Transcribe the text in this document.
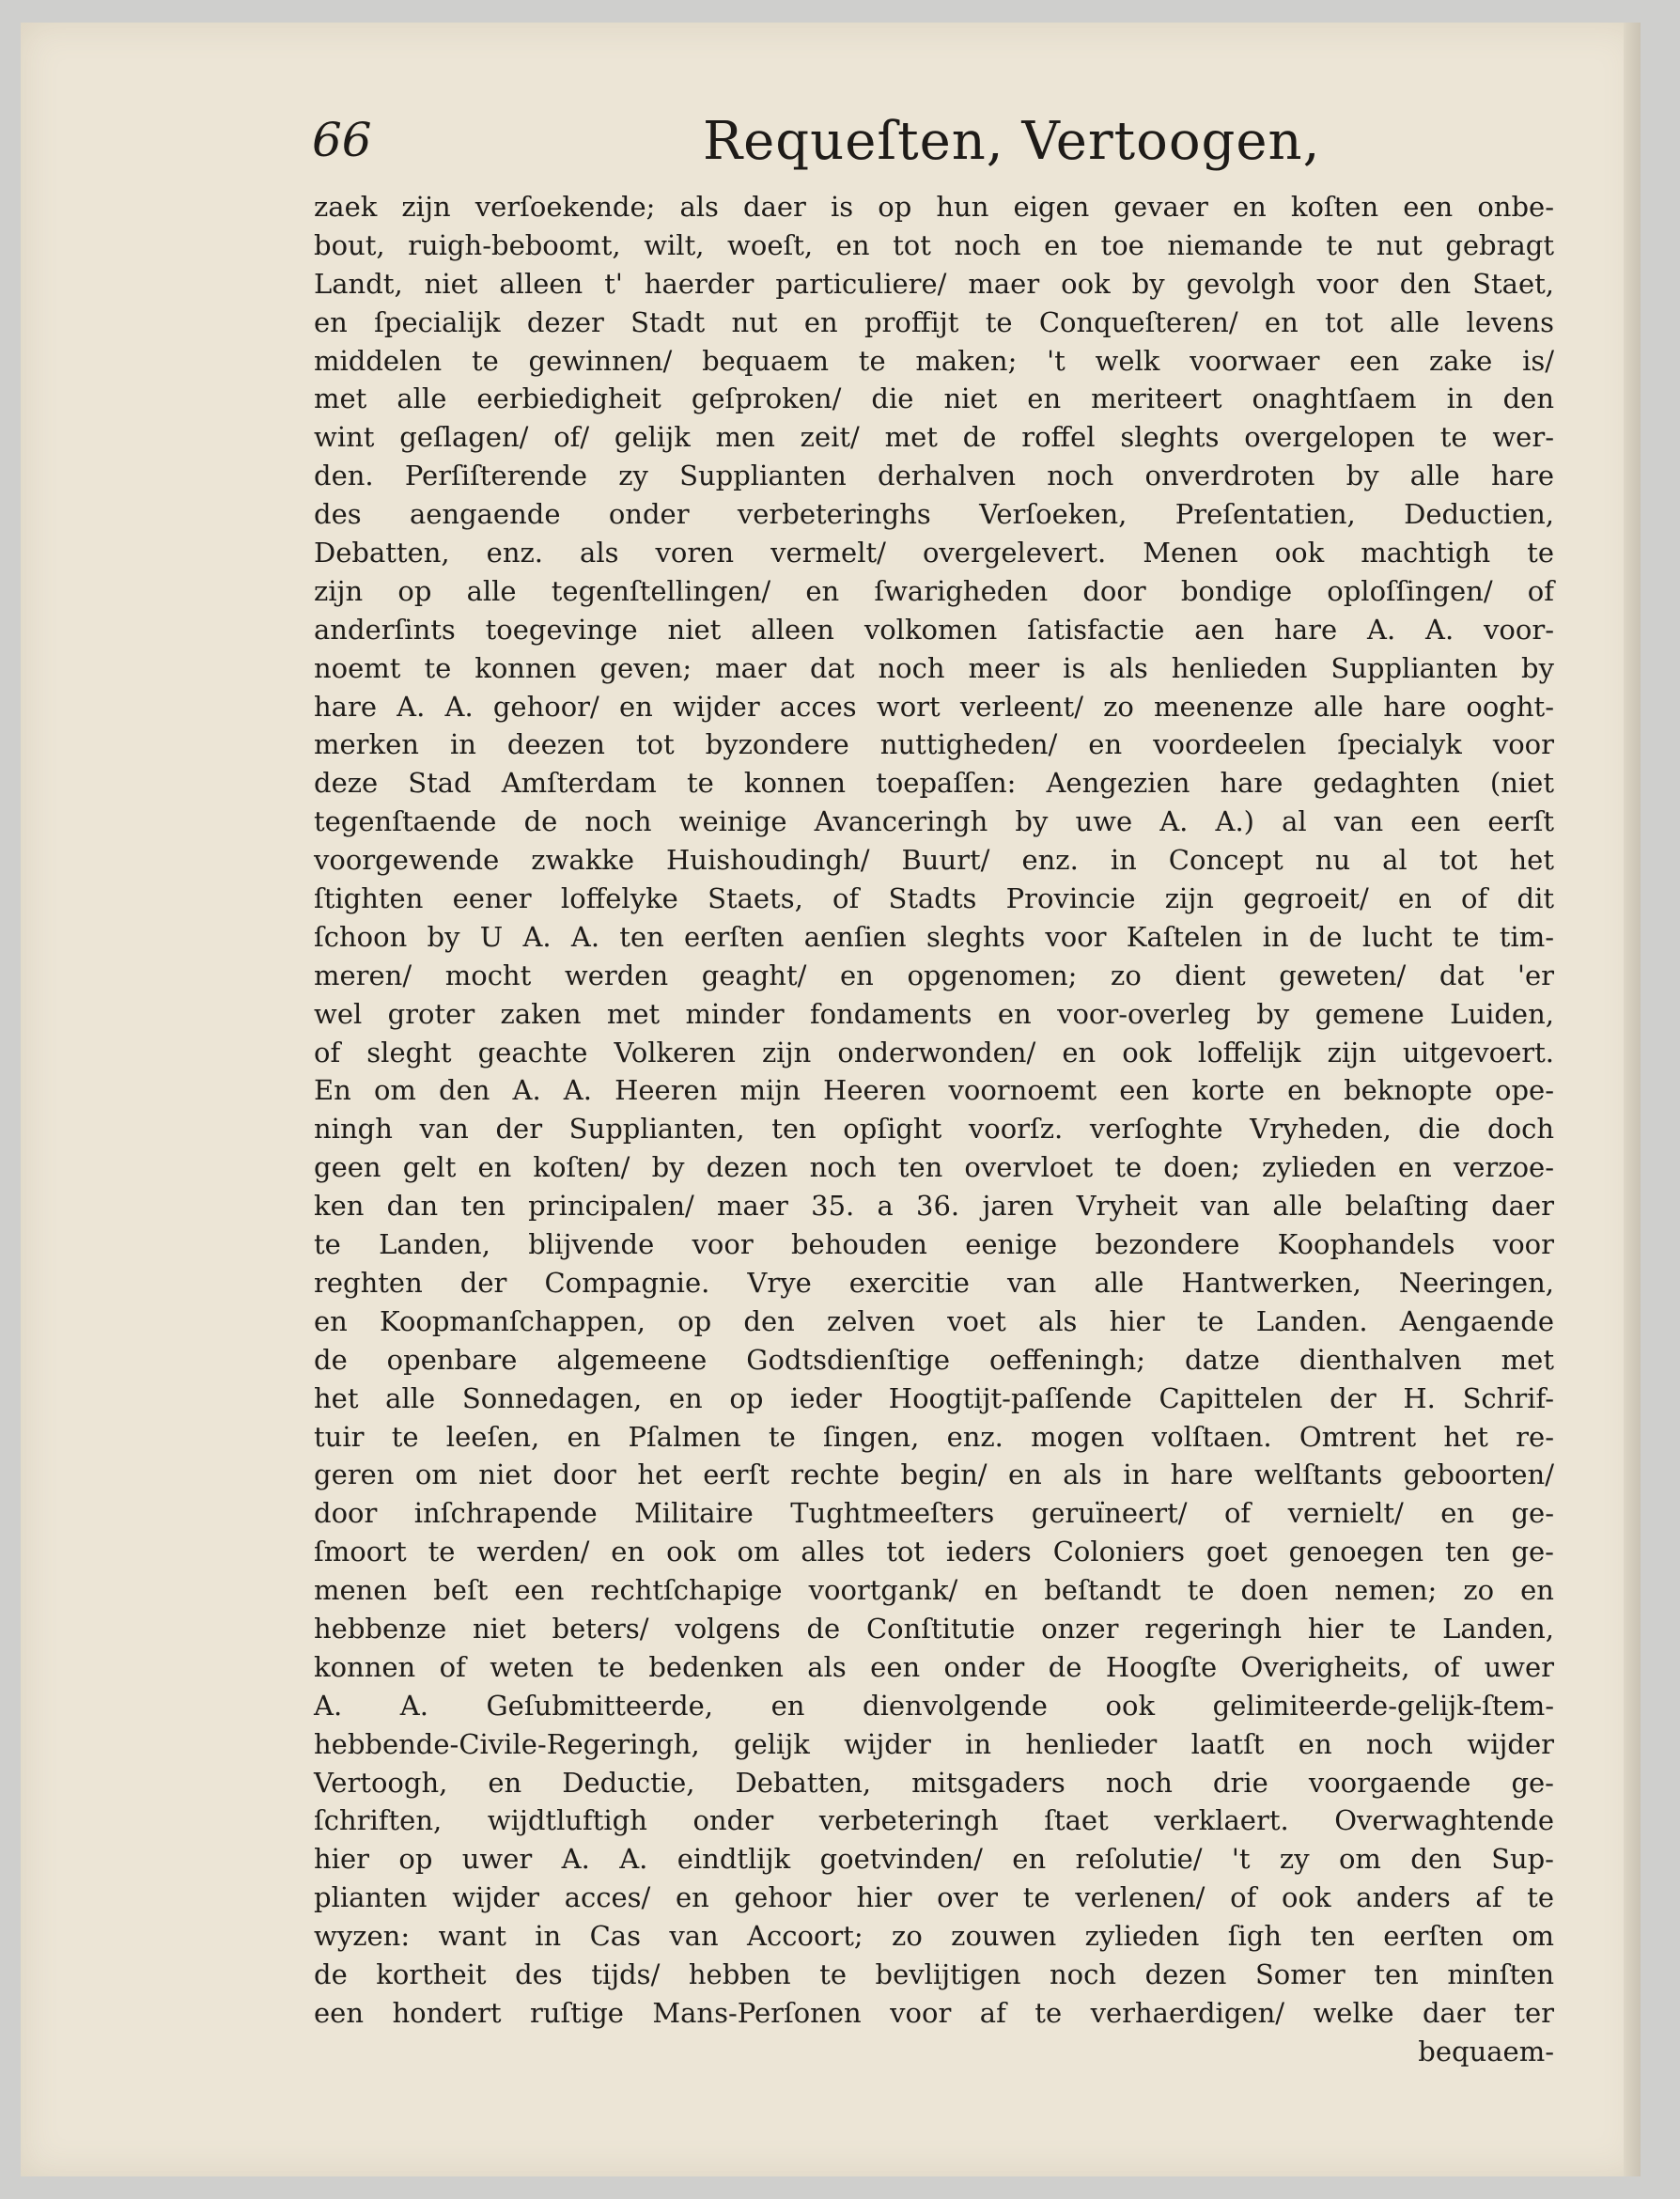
66	Requeſten, Vertoogen,
zaek zijn verſoekende; als daer is op hun eigen gevaer en koſten een onbe-
bout, ruigh-beboomt, wilt, woeſt, en tot noch en toe niemande te nut gebragt
Landt, niet alleen t' haerder particuliere/ maer ook by gevolgh voor den Staet,
en ſpecialijk dezer Stadt nut en proffijt te Conqueſteren/ en tot alle levens
middelen te gewinnen/ bequaem te maken; 't welk voorwaer een zake is/
met alle eerbiedigheit geſproken/ die niet en meriteert onaghtſaem in den
wint geſlagen/ of/ gelijk men zeit/ met de roffel sleghts overgelopen te wer-
den. Perſiſterende zy Supplianten derhalven noch onverdroten by alle hare
des aengaende onder verbeteringhs Verſoeken, Preſentatien, Deductien,
Debatten, enz. als voren vermelt/ overgelevert. Menen ook machtigh te
zijn op alle tegenſtellingen/ en ſwarigheden door bondige oploſſingen/ of
anderſints toegevinge niet alleen volkomen ſatisfactie aen hare A. A. voor-
noemt te konnen geven; maer dat noch meer is als henlieden Supplianten by
hare A. A. gehoor/ en wijder acces wort verleent/ zo meenenze alle hare ooght-
merken in deezen tot byzondere nuttigheden/ en voordeelen ſpecialyk voor
deze Stad Amſterdam te konnen toepaſſen: Aengezien hare gedaghten (niet
tegenſtaende de noch weinige Avanceringh by uwe A. A.) al van een eerſt
voorgewende zwakke Huishoudingh/ Buurt/ enz. in Concept nu al tot het
ſtighten eener loffelyke Staets, of Stadts Provincie zijn gegroeit/ en of dit
ſchoon by U A. A. ten eerſten aenſien sleghts voor Kaſtelen in de lucht te tim-
meren/ mocht werden geaght/ en opgenomen; zo dient geweten/ dat 'er
wel groter zaken met minder fondaments en voor-overleg by gemene Luiden,
of sleght geachte Volkeren zijn onderwonden/ en ook loffelijk zijn uitgevoert.
En om den A. A. Heeren mijn Heeren voornoemt een korte en beknopte ope-
ningh van der Supplianten, ten opſight voorſz. verſoghte Vryheden, die doch
geen gelt en koſten/ by dezen noch ten overvloet te doen; zylieden en verzoe-
ken dan ten principalen/ maer 35. a 36. jaren Vryheit van alle belaſting daer
te Landen, blijvende voor behouden eenige bezondere Koophandels voor
reghten der Compagnie. Vrye exercitie van alle Hantwerken, Neeringen,
en Koopmanſchappen, op den zelven voet als hier te Landen. Aengaende
de openbare algemeene Godtsdienſtige oeffeningh; datze dienthalven met
het alle Sonnedagen, en op ieder Hoogtijt-paſſende Capittelen der H. Schrif-
tuir te leeſen, en Pſalmen te ſingen, enz. mogen volſtaen. Omtrent het re-
geren om niet door het eerſt rechte begin/ en als in hare welſtants geboorten/
door inſchrapende Militaire Tughtmeeſters geruïneert/ of vernielt/ en ge-
ſmoort te werden/ en ook om alles tot ieders Coloniers goet genoegen ten ge-
menen beſt een rechtſchapige voortgank/ en beſtandt te doen nemen; zo en
hebbenze niet beters/ volgens de Conſtitutie onzer regeringh hier te Landen,
konnen of weten te bedenken als een onder de Hoogſte Overigheits, of uwer
A. A. Geſubmitteerde, en dienvolgende ook gelimiteerde-gelijk-ſtem-
hebbende-Civile-Regeringh, gelijk wijder in henlieder laatſt en noch wijder
Vertoogh, en Deductie, Debatten, mitsgaders noch drie voorgaende ge-
ſchriften, wijdtluftigh onder verbeteringh ſtaet verklaert. Overwaghtende
hier op uwer A. A. eindtlijk goetvinden/ en reſolutie/ 't zy om den Sup-
plianten wijder acces/ en gehoor hier over te verlenen/ of ook anders af te
wyzen: want in Cas van Accoort; zo zouwen zylieden ſigh ten eerſten om
de kortheit des tijds/ hebben te bevlijtigen noch dezen Somer ten minſten
een hondert ruſtige Mans-Perſonen voor af te verhaerdigen/ welke daer ter
bequaem-
